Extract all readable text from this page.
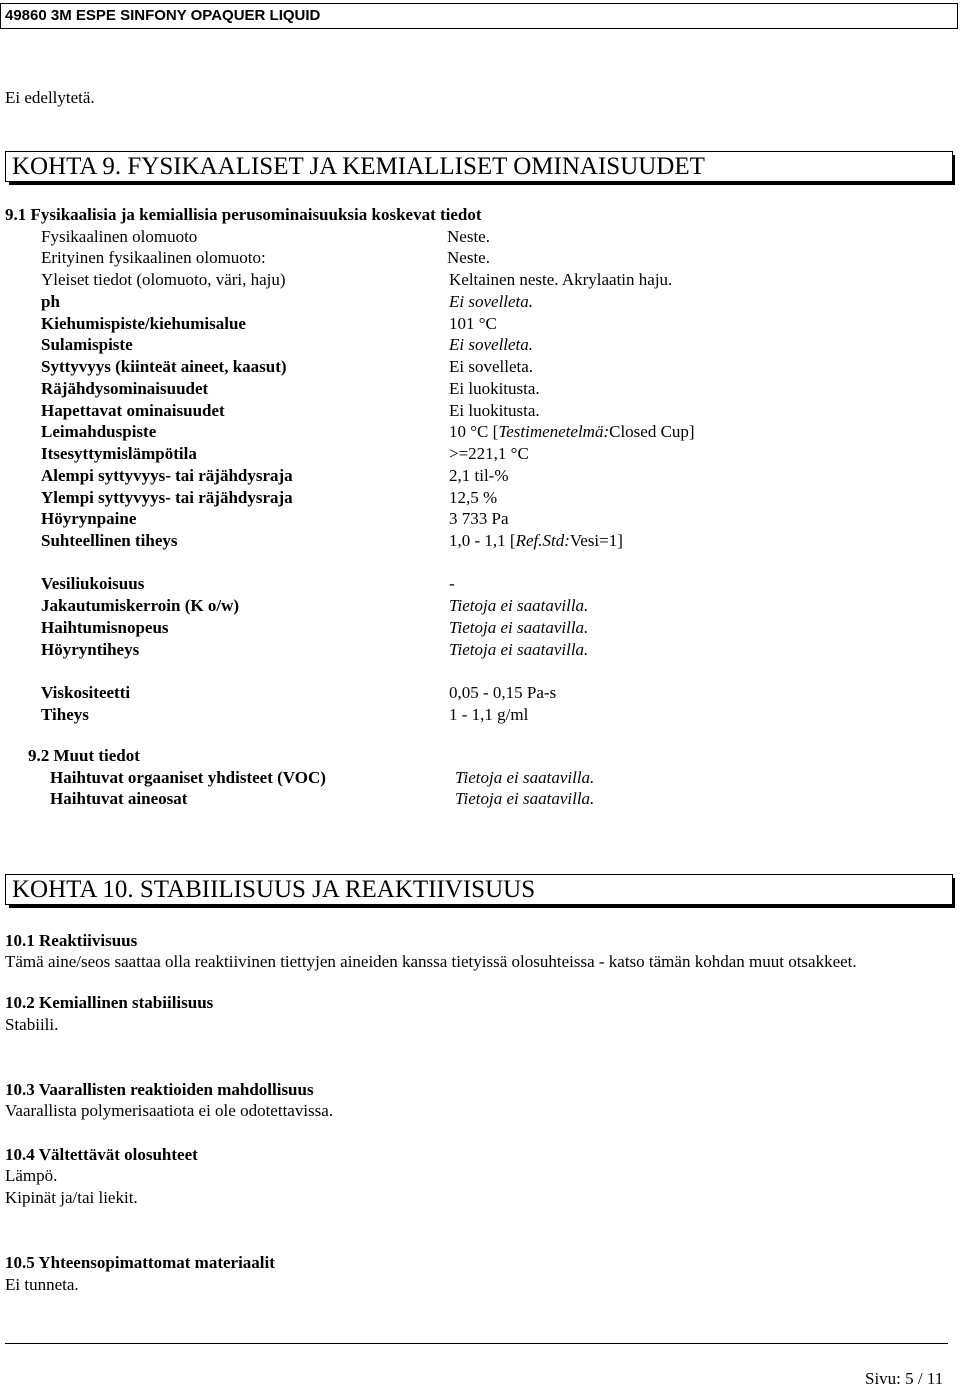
49860 3M ESPE SINFONY OPAQUER LIQUID
Ei edellytetä.
KOHTA 9. FYSIKAALISET JA KEMIALLISET OMINAISUUDET
9.1 Fysikaalisia ja kemiallisia perusominaisuuksia koskevat tiedot
Fysikaalinen olomuoto	Neste.
Erityinen fysikaalinen olomuoto:	Neste.
Yleiset tiedot (olomuoto, väri, haju)	Keltainen neste. Akrylaatin haju.
ph	Ei sovelleta.
Kiehumispiste/kiehumisalue	101 °C
Sulamispiste	Ei sovelleta.
Syttyvyys (kiinteät aineet, kaasut)	Ei sovelleta.
Räjähdysominaisuudet	Ei luokitusta.
Hapettavat ominaisuudet	Ei luokitusta.
Leimahduspiste	10 °C [Testimenetelmä:Closed Cup]
Itsesyttymislämpötila	>=221,1 °C
Alempi syttyvyys- tai räjähdysraja	2,1 til-%
Ylempi syttyvyys- tai räjähdysraja	12,5 %
Höyrynpaine	3 733 Pa
Suhteellinen tiheys	1,0 - 1,1 [Ref.Std:Vesi=1]
Vesiliukoisuus	-
Jakautumiskerroin (K o/w)	Tietoja ei saatavilla.
Haihtumisnopeus	Tietoja ei saatavilla.
Höyryntiheys	Tietoja ei saatavilla.
Viskositeetti	0,05 - 0,15 Pa-s
Tiheys	1 - 1,1 g/ml
9.2 Muut tiedot
Haihtuvat orgaaniset yhdisteet (VOC)	Tietoja ei saatavilla.
Haihtuvat aineosat	Tietoja ei saatavilla.
KOHTA 10. STABIILISUUS JA REAKTIIVISUUS
10.1 Reaktiivisuus
Tämä aine/seos saattaa olla reaktiivinen tiettyjen aineiden kanssa tietyissä olosuhteissa - katso tämän kohdan muut otsakkeet.
10.2 Kemiallinen stabiilisuus
Stabiili.
10.3 Vaarallisten reaktioiden mahdollisuus
Vaarallista polymerisaatiota ei ole odotettavissa.
10.4 Vältettävät olosuhteet
Lämpö.
Kipinät ja/tai liekit.
10.5 Yhteensopimattomat materiaalit
Ei tunneta.
Sivu: 5 / 11
